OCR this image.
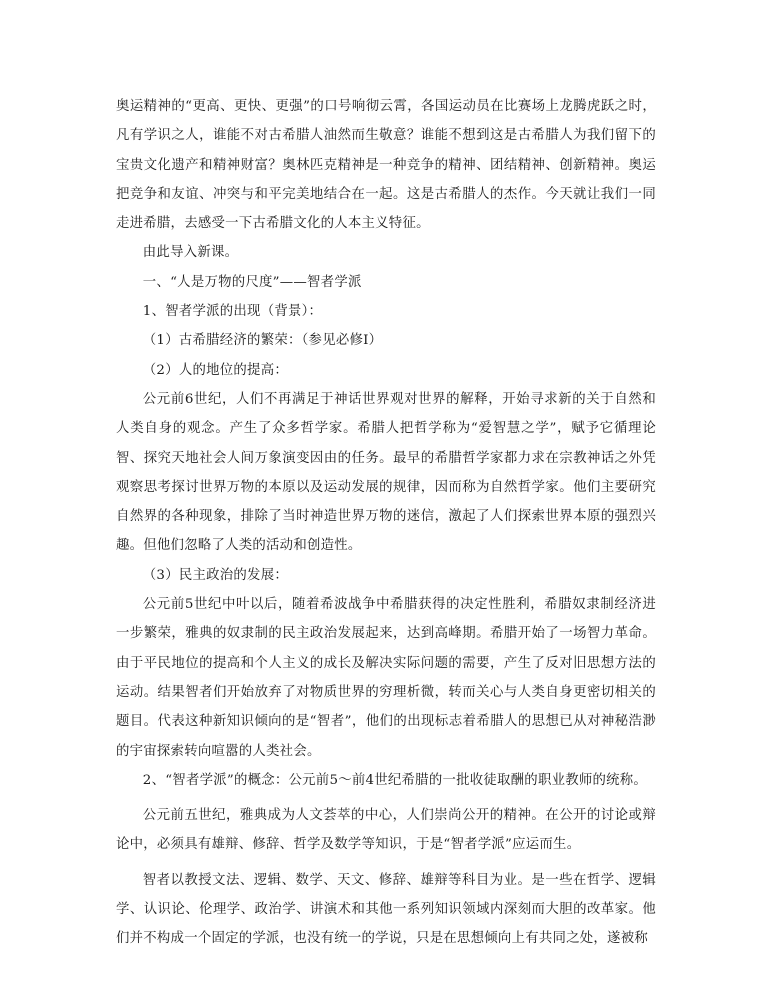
奥运精神的“更高、更快、更强”的口号响彻云霄，各国运动员在比赛场上龙腾虎跃之时，凡有学识之人，谁能不对古希腊人油然而生敬意？谁能不想到这是古希腊人为我们留下的宝贵文化遗产和精神财富？奥林匹克精神是一种竞争的精神、团结精神、创新精神。奥运把竞争和友谊、冲突与和平完美地结合在一起。这是古希腊人的杰作。今天就让我们一同走进希腊，去感受一下古希腊文化的人本主义特征。

由此导入新课。

一、“人是万物的尺度”——智者学派

1、智者学派的出现（背景）：

（1）古希腊经济的繁荣：（参见必修Ⅰ）

（2）人的地位的提高：

公元前6世纪，人们不再满足于神话世界观对世界的解释，开始寻求新的关于自然和人类自身的观念。产生了众多哲学家。希腊人把哲学称为“爱智慧之学”，赋予它循理论智、探究天地社会人间万象演变因由的任务。最早的希腊哲学家都力求在宗教神话之外凭观察思考探讨世界万物的本原以及运动发展的规律，因而称为自然哲学家。他们主要研究自然界的各种现象，排除了当时神造世界万物的迷信，激起了人们探索世界本原的强烈兴趣。但他们忽略了人类的活动和创造性。

（3）民主政治的发展：

公元前5世纪中叶以后，随着希波战争中希腊获得的决定性胜利，希腊奴隶制经济进一步繁荣，雅典的奴隶制的民主政治发展起来，达到高峰期。希腊开始了一场智力革命。由于平民地位的提高和个人主义的成长及解决实际问题的需要，产生了反对旧思想方法的运动。结果智者们开始放弃了对物质世界的穷理析微，转而关心与人类自身更密切相关的题目。代表这种新知识倾向的是“智者”，他们的出现标志着希腊人的思想已从对神秘浩渺的宇宙探索转向喧嚣的人类社会。

2、“智者学派”的概念：公元前5～前4世纪希腊的一批收徒取酬的职业教师的统称。

公元前五世纪，雅典成为人文荟萃的中心，人们崇尚公开的精神。在公开的讨论或辩论中，必须具有雄辩、修辞、哲学及数学等知识，于是“智者学派”应运而生。

智者以教授文法、逻辑、数学、天文、修辞、雄辩等科目为业。是一些在哲学、逻辑学、认识论、伦理学、政治学、讲演术和其他一系列知识领域内深刻而大胆的改革家。他们并不构成一个固定的学派，也没有统一的学说，只是在思想倾向上有共同之处，遂被称
